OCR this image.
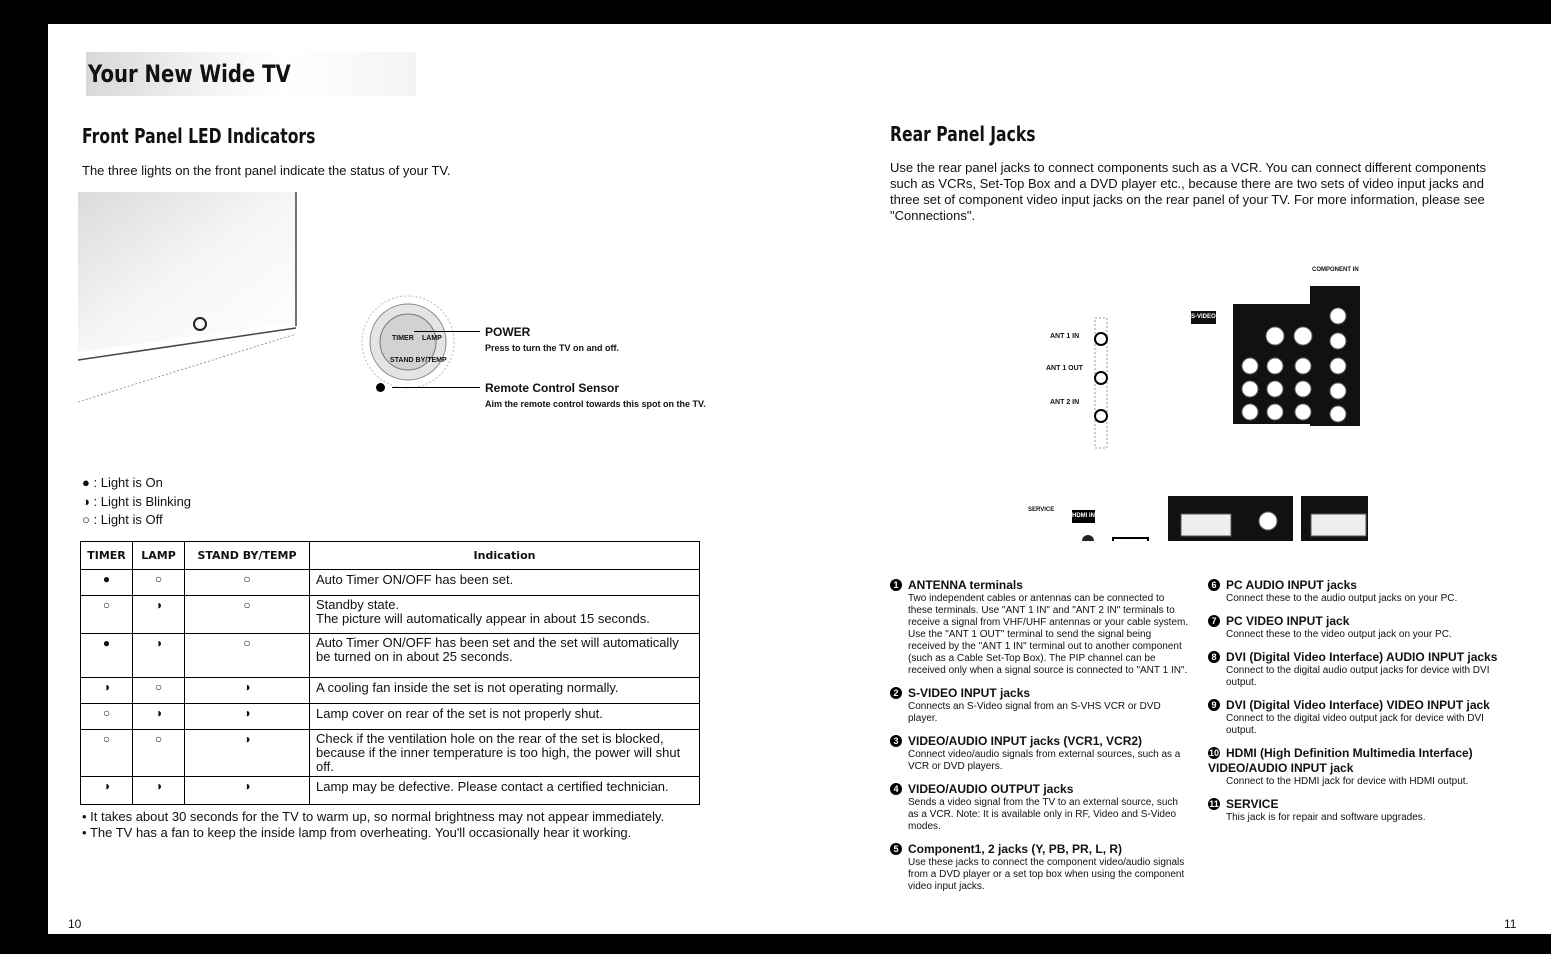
Your New Wide TV
Front Panel LED Indicators
The three lights on the front panel indicate the status of your TV.
TIMER LAMP
STAND BY/TEMP
POWER
Press to turn the TV on and off.
Remote Control Sensor
Aim the remote control towards this spot on the TV.
● : Light is On
◑ : Light is Blinking
○ : Light is Off
TIMER	LAMP	STAND BY/TEMP	Indication
●	○	○	Auto Timer ON/OFF has been set.
○	◑	○	Standby state.
The picture will automatically appear in about 15 seconds.
●	◑	○	Auto Timer ON/OFF has been set and the set will automatically be turned on in about 25 seconds.
◑	○	◑	A cooling fan inside the set is not operating normally.
○	◑	◑	Lamp cover on rear of the set is not properly shut.
○	○	◑	Check if the ventilation hole on the rear of the set is blocked, because if the inner temperature is too high, the power will shut off.
◑	◑	◑	Lamp may be defective. Please contact a certified technician.
• It takes about 30 seconds for the TV to warm up, so normal brightness may not appear immediately.
• The TV has a fan to keep the inside lamp from overheating. You'll occasionally hear it working.
10
Rear Panel Jacks
Use the rear panel jacks to connect components such as a VCR. You can connect different components such as VCRs, Set-Top Box and a DVD player etc., because there are two sets of video input jacks and three set of component video input jacks on the rear panel of your TV. For more information, please see "Connections".
ANT 1 IN
ANT 1 OUT
ANT 2 IN
AV IN
AV OUT
COMPONENT IN
S-VIDEO
VIDEO
AUDIO
DVI IN
DVI
PC IN
PC
HDMI IN
SERVICE
1 ANTENNA terminals
Two independent cables or antennas can be connected to these terminals. Use "ANT 1 IN" and "ANT 2 IN" terminals to receive a signal from VHF/UHF antennas or your cable system. Use the "ANT 1 OUT" terminal to send the signal being received by the "ANT 1 IN" terminal out to another component (such as a Cable Set-Top Box). The PIP channel can be received only when a signal source is connected to "ANT 1 IN".
2 S-VIDEO INPUT jacks
Connects an S-Video signal from an S-VHS VCR or DVD player.
3 VIDEO/AUDIO INPUT jacks (VCR1, VCR2)
Connect video/audio signals from external sources, such as a VCR or DVD players.
4 VIDEO/AUDIO OUTPUT jacks
Sends a video signal from the TV to an external source, such as a VCR. Note: It is available only in RF, Video and S-Video modes.
5 Component1, 2 jacks (Y, PB, PR, L, R)
Use these jacks to connect the component video/audio signals from a DVD player or a set top box when using the component video input jacks.
6 PC AUDIO INPUT jacks
Connect these to the audio output jacks on your PC.
7 PC VIDEO INPUT jack
Connect these to the video output jack on your PC.
8 DVI (Digital Video Interface) AUDIO INPUT jacks
Connect to the digital audio output jacks for device with DVI output.
9 DVI (Digital Video Interface) VIDEO INPUT jack
Connect to the digital video output jack for device with DVI output.
10 HDMI (High Definition Multimedia Interface) VIDEO/AUDIO INPUT jack
Connect to the HDMI jack for device with HDMI output.
11 SERVICE
This jack is for repair and software upgrades.
11
